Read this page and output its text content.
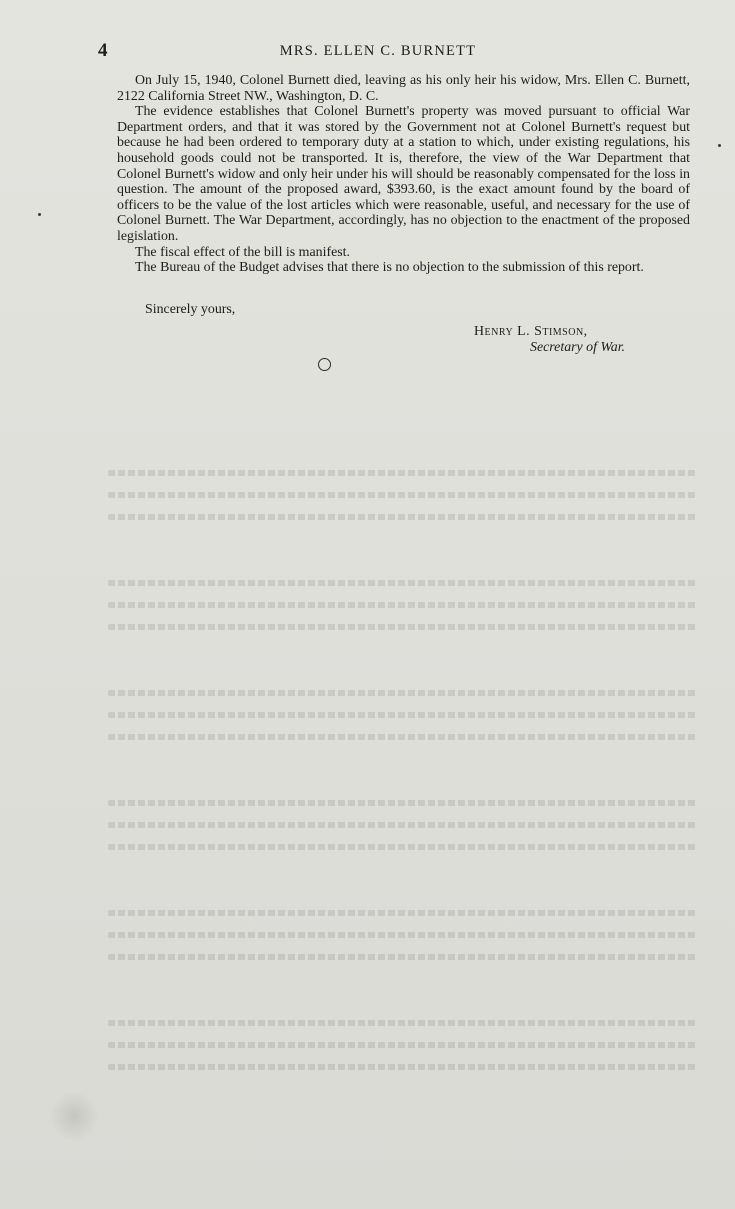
4	MRS. ELLEN C. BURNETT

On July 15, 1940, Colonel Burnett died, leaving as his only heir his widow, Mrs. Ellen C. Burnett, 2122 California Street NW., Washington, D. C.

The evidence establishes that Colonel Burnett's property was moved pursuant to official War Department orders, and that it was stored by the Government not at Colonel Burnett's request but because he had been ordered to temporary duty at a station to which, under existing regulations, his household goods could not be transported. It is, therefore, the view of the War Department that Colonel Burnett's widow and only heir under his will should be reasonably compensated for the loss in question. The amount of the proposed award, $393.60, is the exact amount found by the board of officers to be the value of the lost articles which were reasonable, useful, and necessary for the use of Colonel Burnett. The War Department, accordingly, has no objection to the enactment of the proposed legislation.

The fiscal effect of the bill is manifest.

The Bureau of the Budget advises that there is no objection to the submission of this report.

Sincerely yours,
Henry L. Stimson,
Secretary of War.
